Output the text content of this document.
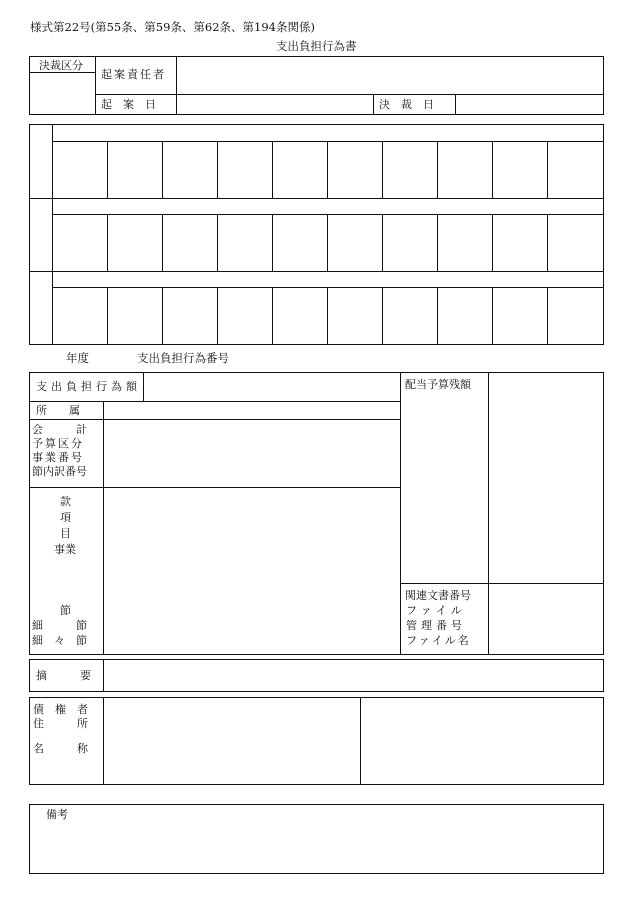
様式第22号(第55条、第59条、第62条、第194条関係)
支出負担行為書
決裁区分
起案責任者
起　案　日	決　裁　日
年度	支出負担行為番号
支出負担行為額
所　　属
会　　　計
予算区分
事業番号
節内訳番号
款
項
目
事業
節
細　　　節
細　々　節
配当予算残額
関連文書番号
ファイル
管理番号
ファイル名
摘　　　要
債　権　者
住　　　所
名　　　称
備考
